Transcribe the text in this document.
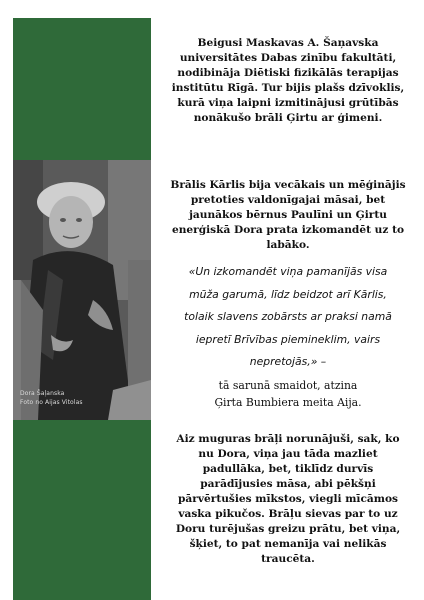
Dora Šaļanska
Foto no Aijas Vitolas

Beigusi Maskavas A. Šaņavska

universitātes Dabas zinību fakultāti,

nodibināja Diētiski fizikālās terapijas

institūtu Rīgā. Tur bijis plašs dzīvoklis,

kurā viņa laipni izmitinājusi grūtībās

nonākušo brāli Ģirtu ar ģimeni.

Brālis Kārlis bija vecākais un mēģinājis

pretoties valdonīgajai māsai, bet

jaunākos bērnus Paulīni un Ģirtu

enerģiskā Dora prata izkomandēt uz to

labāko.

«Un izkomandēt viņa pamanījās visa

mūža garumā, līdz beidzot arī Kārlis,

tolaik slavens zobārsts ar praksi namā

iepretī Brīvības piemineklim, vairs

nepretojās,» –

tā sarunā smaidot, atzina

Ģirta Bumbiera meita Aija.

Aiz muguras brāļi norunājuši, sak, ko

nu Dora, viņa jau tāda mazliet

padullāka, bet, tiklīdz durvīs

parādījusies māsa, abi pēkšņi

pārvērtušies mīkstos, viegli mīcāmos

vaska pikučos. Brāļu sievas par to uz

Doru turējušas greizu prātu, bet viņa,

šķiet, to pat nemanīja vai nelikās

traucēta.
